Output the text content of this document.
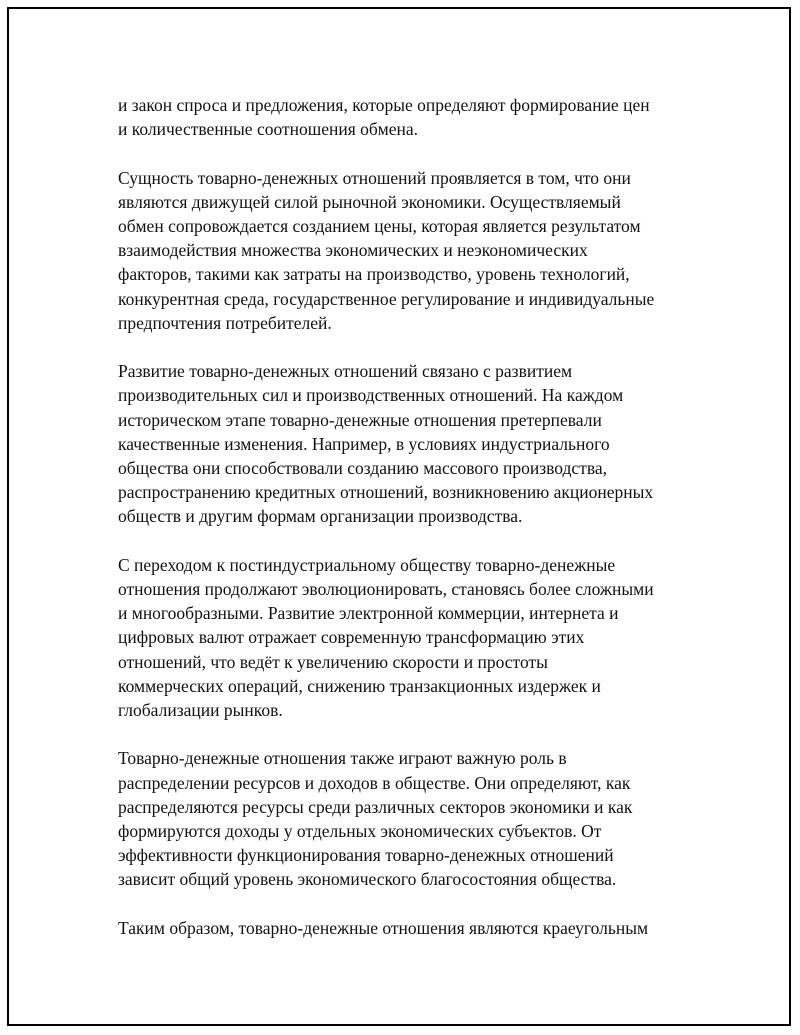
и закон спроса и предложения, которые определяют формирование цен
и количественные соотношения обмена.

Сущность товарно-денежных отношений проявляется в том, что они
являются движущей силой рыночной экономики. Осуществляемый
обмен сопровождается созданием цены, которая является результатом
взаимодействия множества экономических и неэкономических
факторов, такими как затраты на производство, уровень технологий,
конкурентная среда, государственное регулирование и индивидуальные
предпочтения потребителей.

Развитие товарно-денежных отношений связано с развитием
производительных сил и производственных отношений. На каждом
историческом этапе товарно-денежные отношения претерпевали
качественные изменения. Например, в условиях индустриального
общества они способствовали созданию массового производства,
распространению кредитных отношений, возникновению акционерных
обществ и другим формам организации производства.

С переходом к постиндустриальному обществу товарно-денежные
отношения продолжают эволюционировать, становясь более сложными
и многообразными. Развитие электронной коммерции, интернета и
цифровых валют отражает современную трансформацию этих
отношений, что ведёт к увеличению скорости и простоты
коммерческих операций, снижению транзакционных издержек и
глобализации рынков.

Товарно-денежные отношения также играют важную роль в
распределении ресурсов и доходов в обществе. Они определяют, как
распределяются ресурсы среди различных секторов экономики и как
формируются доходы у отдельных экономических субъектов. От
эффективности функционирования товарно-денежных отношений
зависит общий уровень экономического благосостояния общества.

Таким образом, товарно-денежные отношения являются краеугольным
